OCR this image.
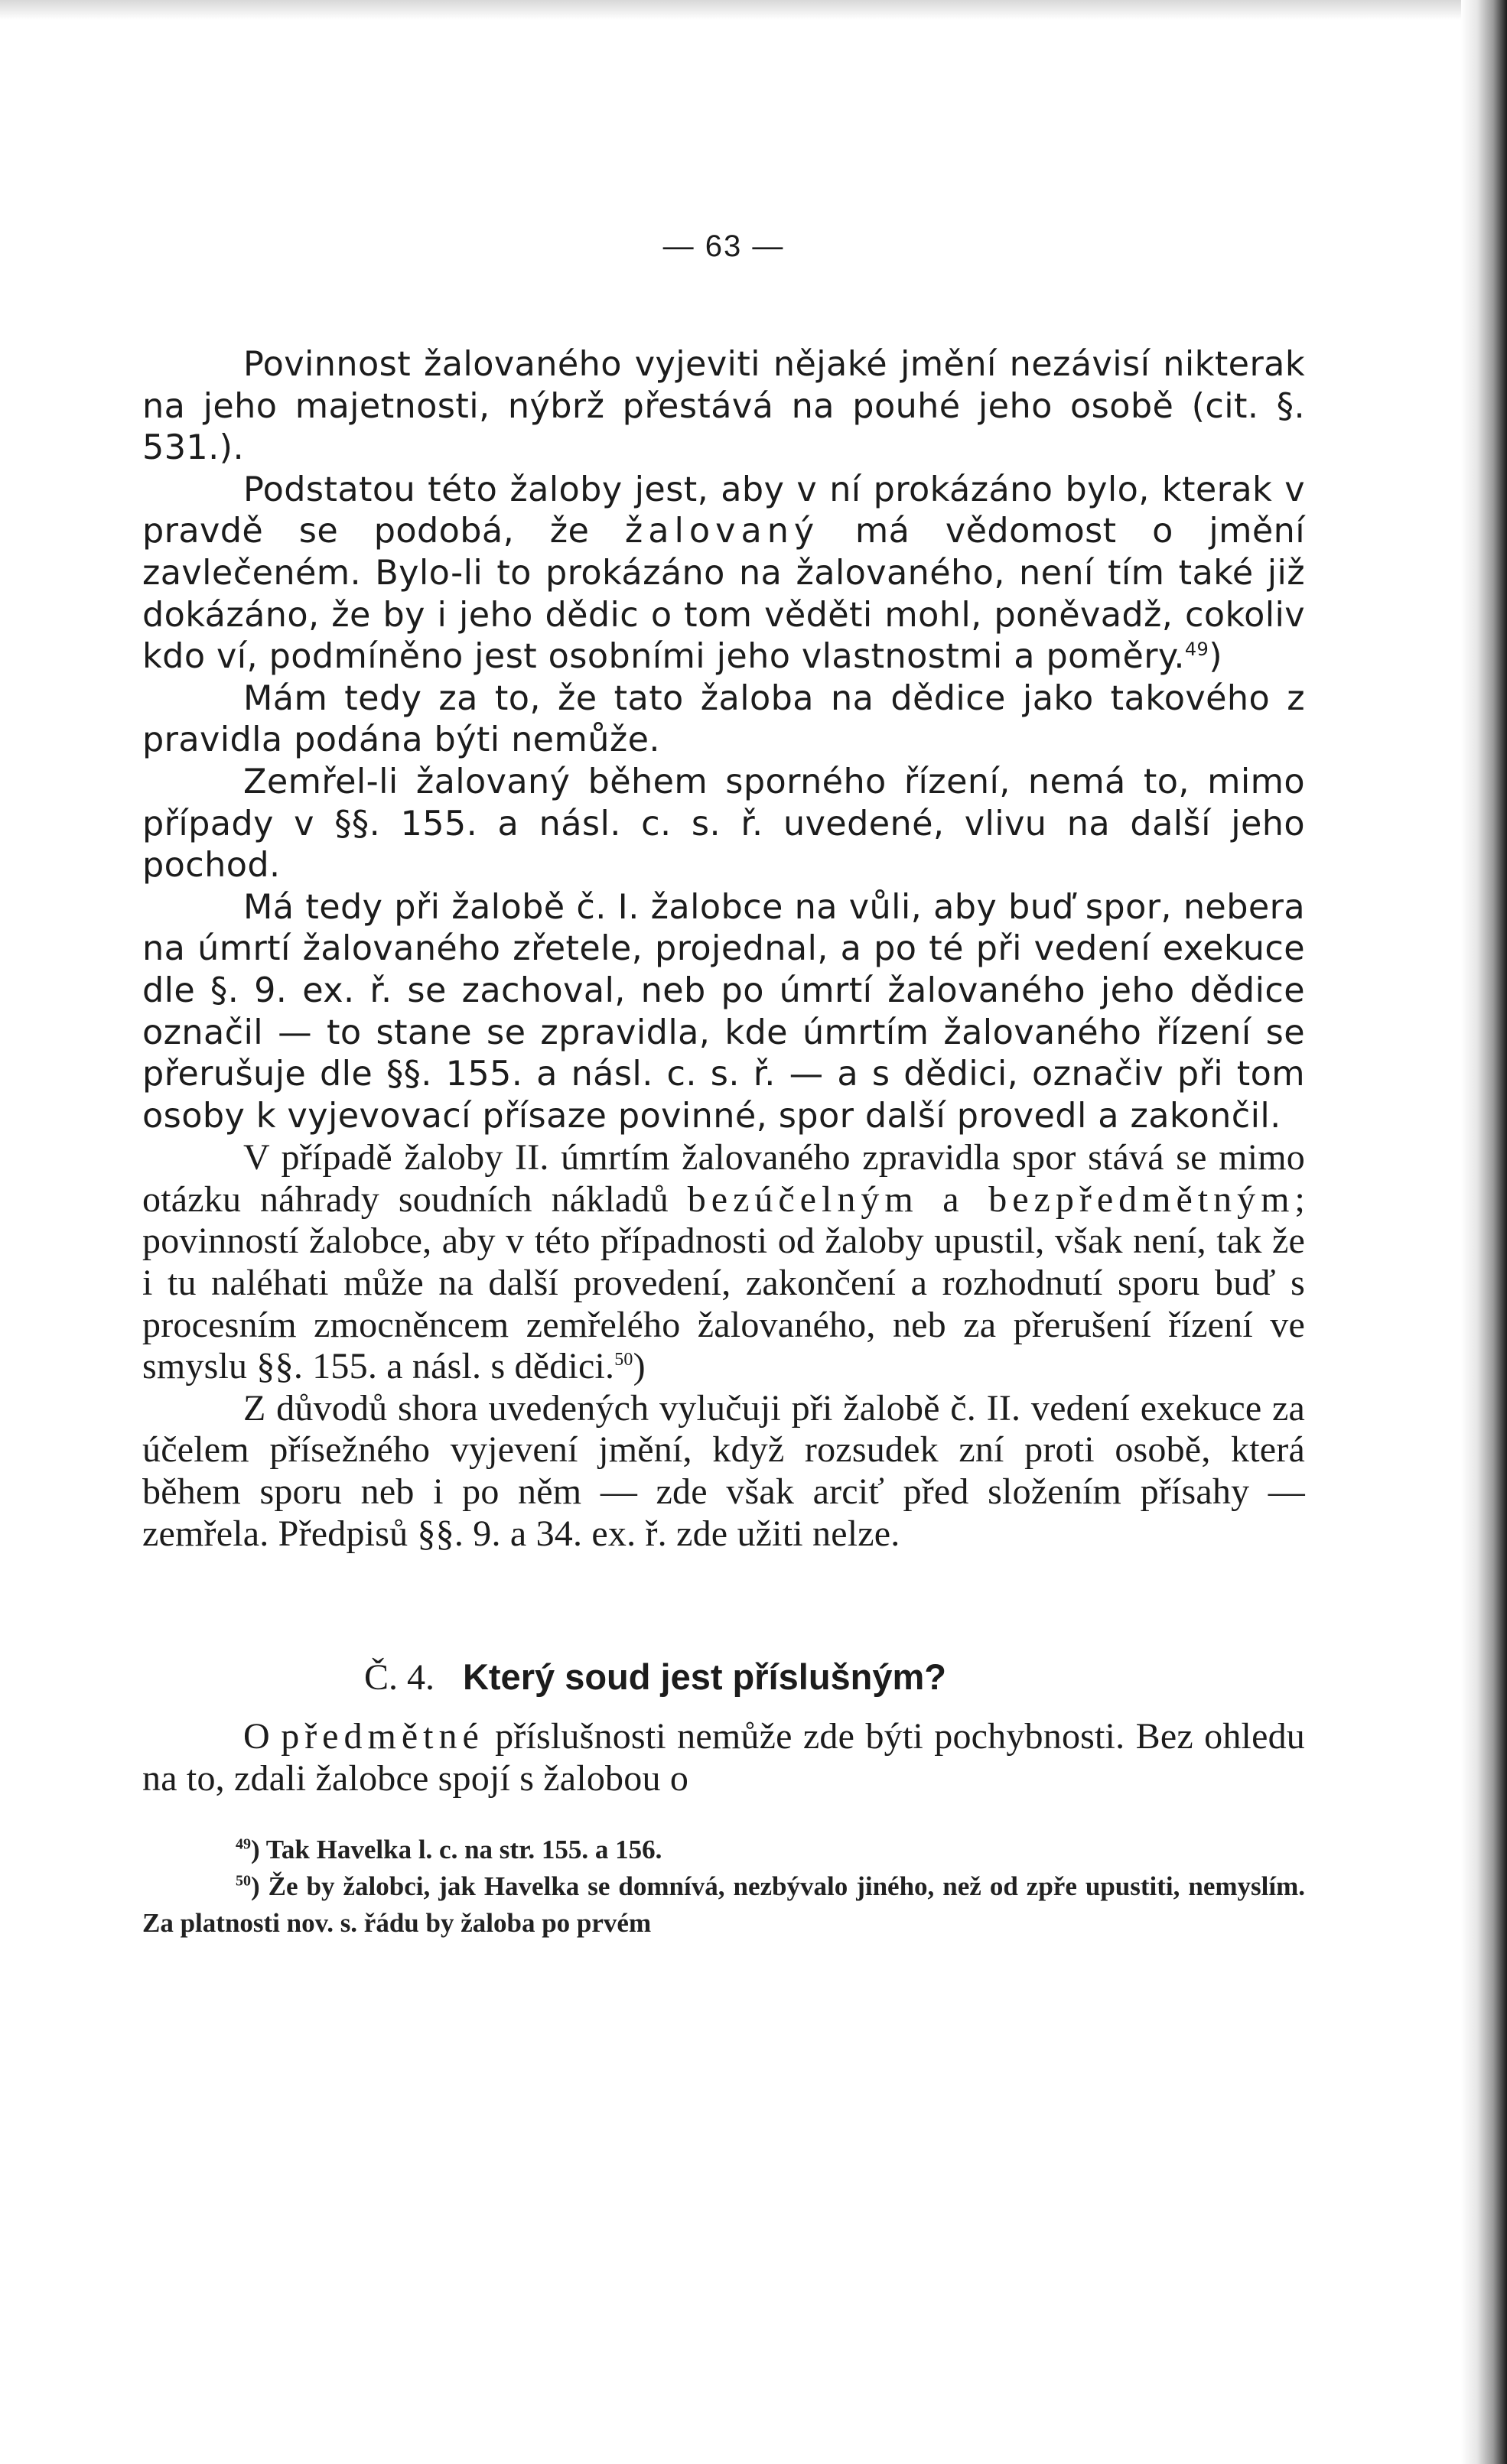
— 63 —

Povinnost žalovaného vyjeviti nějaké jmění nezávisí nikterak na jeho majetnosti, nýbrž přestává na pouhé jeho osobě (cit. §. 531.).

Podstatou této žaloby jest, aby v ní prokázáno bylo, kterak v pravdě se podobá, že žalovaný má vědomost o jmění zavlečeném. Bylo-li to prokázáno na žalovaného, není tím také již dokázáno, že by i jeho dědic o tom věděti mohl, poněvadž, cokoliv kdo ví, podmíněno jest osobními jeho vlastnostmi a poměry.$^{49}$)

Mám tedy za to, že tato žaloba na dědice jako takového z pravidla podána býti nemůže.

Zemřel-li žalovaný během sporného řízení, nemá to, mimo případy v §§. 155. a násl. c. s. ř. uvedené, vlivu na další jeho pochod.

Má tedy při žalobě č. I. žalobce na vůli, aby buď spor, nebera na úmrtí žalovaného zřetele, projednal, a po té při vedení exekuce dle §. 9. ex. ř. se zachoval, neb po úmrtí žalovaného jeho dědice označil — to stane se zpravidla, kde úmrtím žalovaného řízení se přerušuje dle §§. 155. a násl. c. s. ř. — a s dědici, označiv při tom osoby k vyjevovací přísaze povinné, spor další provedl a zakončil.

V případě žaloby II. úmrtím žalovaného zpravidla spor stává se mimo otázku náhrady soudních nákladů bezúčelným a bezpředmětným; povinností žalobce, aby v této případnosti od žaloby upustil, však není, tak že i tu naléhati může na další provedení, zakončení a rozhodnutí sporu buď s procesním zmocněncem zemřelého žalovaného, neb za přerušení řízení ve smyslu §§. 155. a násl. s dědici.$^{50}$)

Z důvodů shora uvedených vylučuji při žalobě č. II. vedení exekuce za účelem přísežného vyjevení jmění, když rozsudek zní proti osobě, která během sporu neb i po něm — zde však arciť před složením přísahy — zemřela. Předpisů §§. 9. a 34. ex. ř. zde užiti nelze.

Č. 4. Který soud jest příslušným?

O předmětné příslušnosti nemůže zde býti pochybnosti. Bez ohledu na to, zdali žalobce spojí s žalobou o

$^{49}$) Tak Havelka l. c. na str. 155. a 156.

$^{50}$) Že by žalobci, jak Havelka se domnívá, nezbývalo jiného, než od zpře upustiti, nemyslím. Za platnosti nov. s. řádu by žaloba po prvém
